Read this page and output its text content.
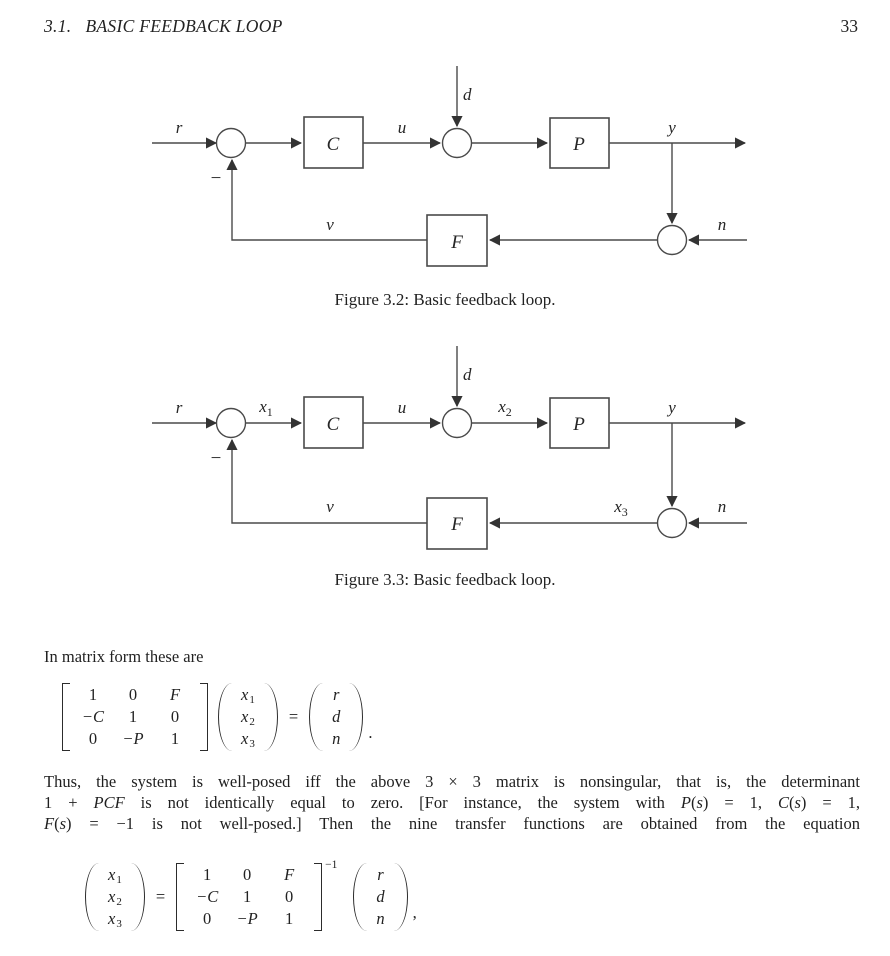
3.1. BASIC FEEDBACK LOOP	33
r
−
C
u
d
P
y
n
F
v
r
−
$x_1$
C
u
d
$x_2$
P
y
$x_3$	n
F
v
Figure 3.2: Basic feedback loop.
Figure 3.3: Basic feedback loop.
In matrix form these are
1 0 F
−C 1 0
0 −P 1
x1
x2
x3
=
r
d
n .
Thus, the system is well-posed iff the above 3 × 3 matrix is nonsingular, that is, the determinant
1 + PCF is not identically equal to zero. [For instance, the system with P(s) = 1, C(s) = 1,
F(s) = −1 is not well-posed.] Then the nine transfer functions are obtained from the equation
x1
x2
x3
=
1 0 F
−C 1 0
0 −P 1
−1 r
d
n ,
